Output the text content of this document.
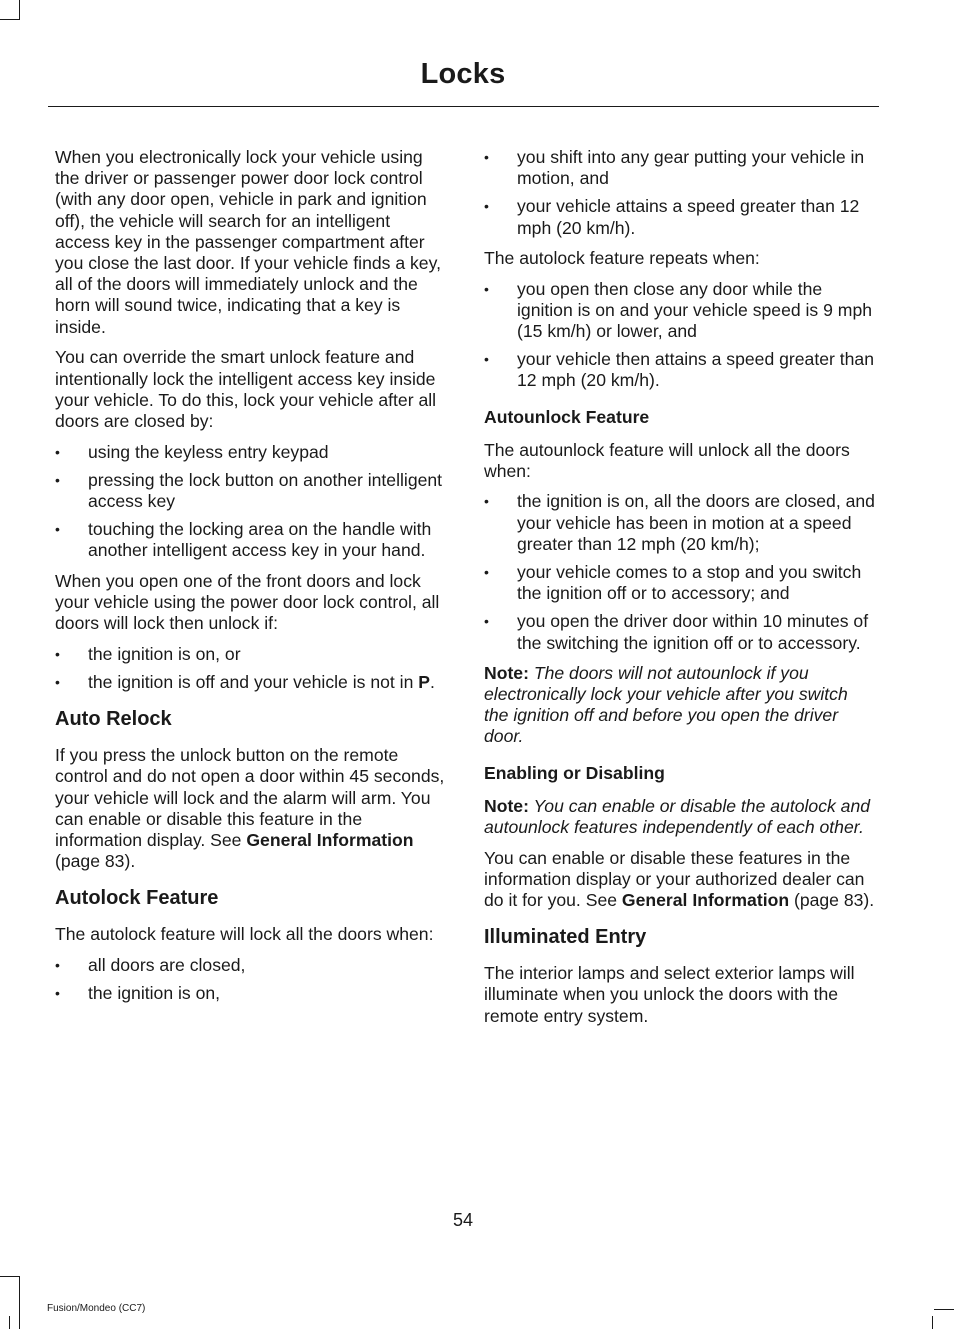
Locks

When you electronically lock your vehicle using the driver or passenger power door lock control (with any door open, vehicle in park and ignition off), the vehicle will search for an intelligent access key in the passenger compartment after you close the last door. If your vehicle finds a key, all of the doors will immediately unlock and the horn will sound twice, indicating that a key is inside.

You can override the smart unlock feature and intentionally lock the intelligent access key inside your vehicle. To do this, lock your vehicle after all doors are closed by:

• using the keyless entry keypad
• pressing the lock button on another intelligent access key
• touching the locking area on the handle with another intelligent access key in your hand.

When you open one of the front doors and lock your vehicle using the power door lock control, all doors will lock then unlock if:

• the ignition is on, or
• the ignition is off and your vehicle is not in P.
Auto Relock

If you press the unlock button on the remote control and do not open a door within 45 seconds, your vehicle will lock and the alarm will arm. You can enable or disable this feature in the information display. See General Information (page 83).

Autolock Feature

The autolock feature will lock all the doors when:

• all doors are closed,
• the ignition is on,
• you shift into any gear putting your vehicle in motion, and
• your vehicle attains a speed greater than 12 mph (20 km/h).

The autolock feature repeats when:

• you open then close any door while the ignition is on and your vehicle speed is 9 mph (15 km/h) or lower, and
• your vehicle then attains a speed greater than 12 mph (20 km/h).
Autounlock Feature

The autounlock feature will unlock all the doors when:

• the ignition is on, all the doors are closed, and your vehicle has been in motion at a speed greater than 12 mph (20 km/h);
• your vehicle comes to a stop and you switch the ignition off or to accessory; and
• you open the driver door within 10 minutes of the switching the ignition off or to accessory.

Note: The doors will not autounlock if you electronically lock your vehicle after you switch the ignition off and before you open the driver door.

Enabling or Disabling

Note: You can enable or disable the autolock and autounlock features independently of each other.

You can enable or disable these features in the information display or your authorized dealer can do it for you. See General Information (page 83).

Illuminated Entry

The interior lamps and select exterior lamps will illuminate when you unlock the doors with the remote entry system.

54
Fusion/Mondeo (CC7)
